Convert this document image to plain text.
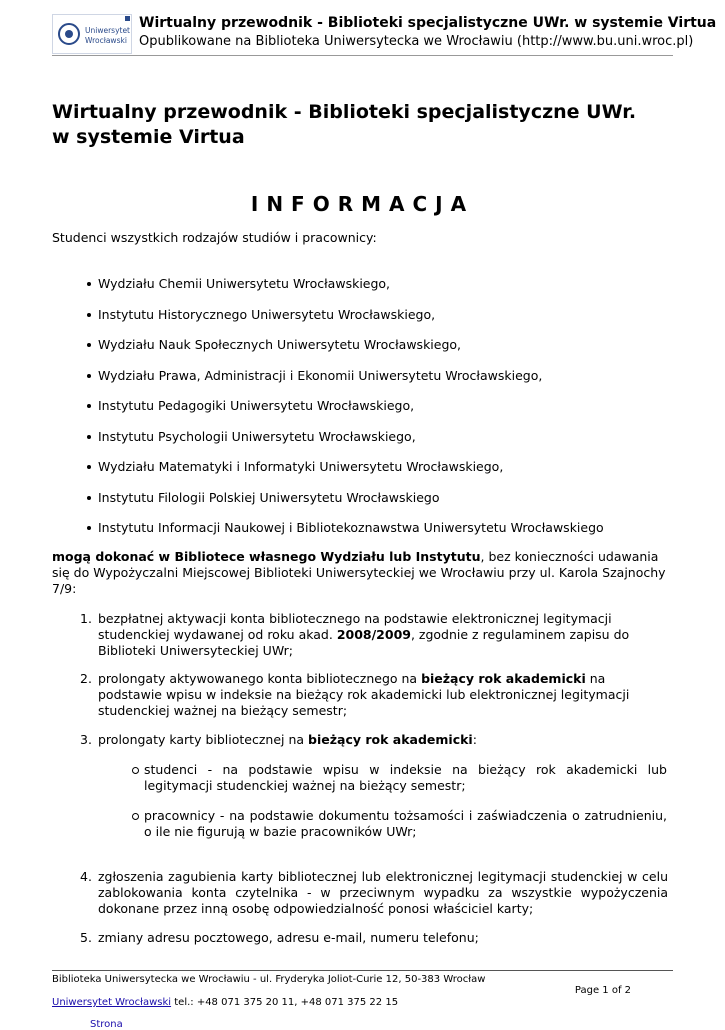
Uniwersytet
Wrocławski
Wirtualny przewodnik - Biblioteki specjalistyczne UWr. w systemie Virtua
Opublikowane na Biblioteka Uniwersytecka we Wrocławiu (http://www.bu.uni.wroc.pl)
Wirtualny przewodnik - Biblioteki specjalistyczne UWr.
w systemie Virtua
INFORMACJA
Studenci wszystkich rodzajów studiów i pracownicy:
Wydziału Chemii Uniwersytetu Wrocławskiego,
Instytutu Historycznego Uniwersytetu Wrocławskiego,
Wydziału Nauk Społecznych Uniwersytetu Wrocławskiego,
Wydziału Prawa, Administracji i Ekonomii Uniwersytetu Wrocławskiego,
Instytutu Pedagogiki Uniwersytetu Wrocławskiego,
Instytutu Psychologii Uniwersytetu Wrocławskiego,
Wydziału Matematyki i Informatyki Uniwersytetu Wrocławskiego,
Instytutu Filologii Polskiej Uniwersytetu Wrocławskiego
Instytutu Informacji Naukowej i Bibliotekoznawstwa Uniwersytetu Wrocławskiego
mogą dokonać w Bibliotece własnego Wydziału lub Instytutu, bez konieczności udawania się do Wypożyczalni Miejscowej Biblioteki Uniwersyteckiej we Wrocławiu przy ul. Karola Szajnochy 7/9:
1. bezpłatnej aktywacji konta bibliotecznego na podstawie elektronicznej legitymacji studenckiej wydawanej od roku akad. 2008/2009, zgodnie z regulaminem zapisu do Biblioteki Uniwersyteckiej UWr;
2. prolongaty aktywowanego konta bibliotecznego na bieżący rok akademicki na podstawie wpisu w indeksie na bieżący rok akademicki lub elektronicznej legitymacji studenckiej ważnej na bieżący semestr;
3. prolongaty karty bibliotecznej na bieżący rok akademicki:
studenci - na podstawie wpisu w indeksie na bieżący rok akademicki lub legitymacji studenckiej ważnej na bieżący semestr;
pracownicy - na podstawie dokumentu tożsamości i zaświadczenia o zatrudnieniu, o ile nie figurują w bazie pracowników UWr;
4. zgłoszenia zagubienia karty bibliotecznej lub elektronicznej legitymacji studenckiej w celu zablokowania konta czytelnika - w przeciwnym wypadku za wszystkie wypożyczenia dokonane przez inną osobę odpowiedzialność ponosi właściciel karty;
5. zmiany adresu pocztowego, adresu e-mail, numeru telefonu;
Biblioteka Uniwersytecka we Wrocławiu - ul. Fryderyka Joliot-Curie 12, 50-383 Wrocław
Page 1 of 2
Uniwersytet Wrocławski tel.: +48 071 375 20 11, +48 071 375 22 15
Strona
